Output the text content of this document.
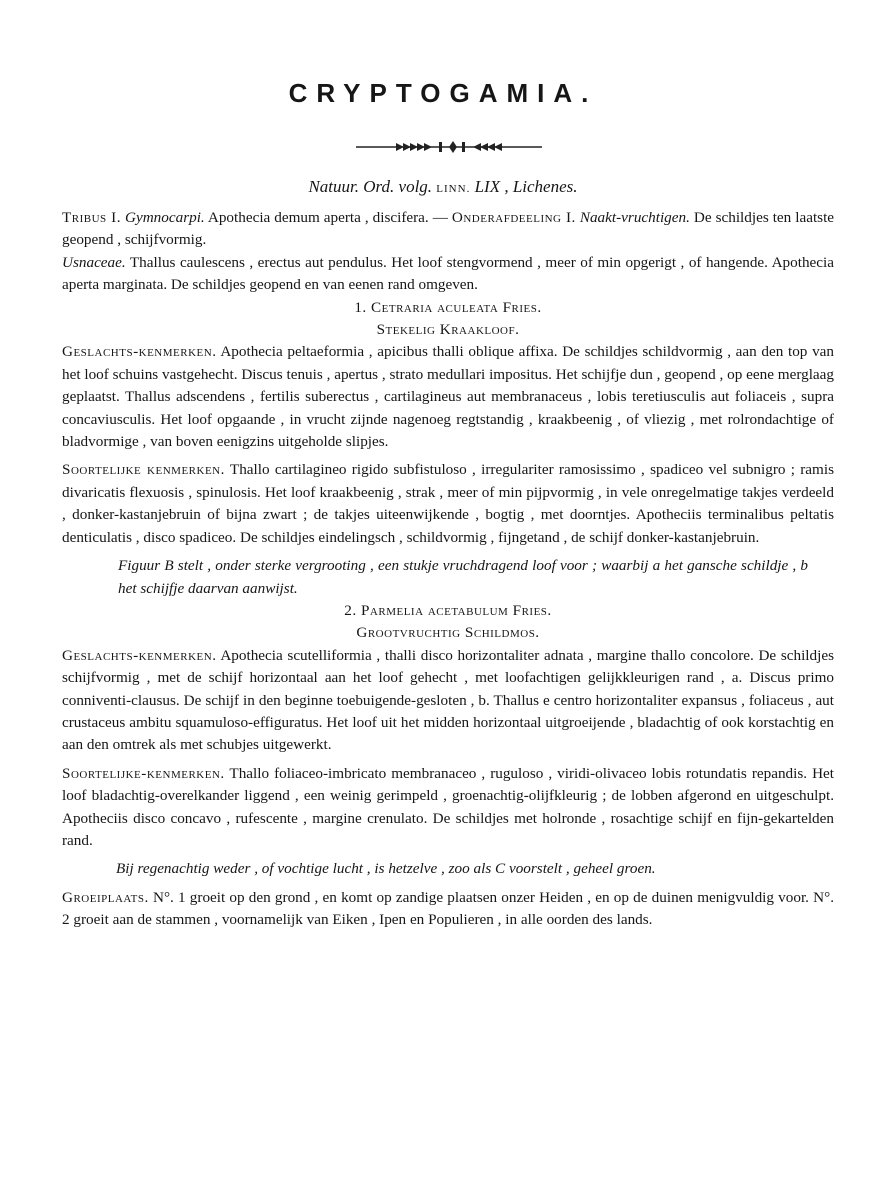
CRYPTOGAMIA.
Natuur. Ord. volg. LINN. LIX , Lichenes.

Tribus I. Gymnocarpi. Apothecia demum aperta , discifera. — Onderafdeeling I. Naakt-vruchtigen. De schildjes ten laatste geopend , schijfvormig.

Usnaceae. Thallus caulescens , erectus aut pendulus. Het loof stengvormend , meer of min opgerigt , of hangende. Apothecia aperta marginata. De schildjes geopend en van eenen rand omgeven.

1. Cetraria aculeata Fries.

Stekelig Kraakloof.

Geslachts-kenmerken. Apothecia peltaeformia , apicibus thalli oblique affixa. De schildjes schildvormig , aan den top van het loof schuins vastgehecht. Discus tenuis , apertus , strato medullari impositus. Het schijfje dun , geopend , op eene merglaag geplaatst. Thallus adscendens , fertilis suberectus , cartilagineus aut membranaceus , lobis teretiusculis aut foliaceis , supra concaviusculis. Het loof opgaande , in vrucht zijnde nagenoeg regtstandig , kraakbeenig , of vliezig , met rolrondachtige of bladvormige , van boven eenigzins uitgeholde slipjes.

Soortelijke kenmerken. Thallo cartilagineo rigido subfistuloso , irregulariter ramosissimo , spadiceo vel subnigro ; ramis divaricatis flexuosis , spinulosis. Het loof kraakbeenig , strak , meer of min pijpvormig , in vele onregelmatige takjes verdeeld , donker-kastanjebruin of bijna zwart ; de takjes uiteenwijkende , bogtig , met doorntjes. Apotheciis terminalibus peltatis denticulatis , disco spadiceo. De schildjes eindelingsch , schildvormig , fijngetand , de schijf donker-kastanjebruin.

Figuur B stelt , onder sterke vergrooting , een stukje vruchdragend loof voor ; waarbij a het gansche schildje , b het schijfje daarvan aanwijst.

2. Parmelia acetabulum Fries.

Grootvruchtig Schildmos.

Geslachts-kenmerken. Apothecia scutelliformia , thalli disco horizontaliter adnata , margine thallo concolore. De schildjes schijfvormig , met de schijf horizontaal aan het loof gehecht , met loofachtigen gelijkkleurigen rand , a. Discus primo conniventi-clausus. De schijf in den beginne toebuigende-gesloten , b. Thallus e centro horizontaliter expansus , foliaceus , aut crustaceus ambitu squamuloso-effiguratus. Het loof uit het midden horizontaal uitgroeijende , bladachtig of ook korstachtig en aan den omtrek als met schubjes uitgewerkt.

Soortelijke-kenmerken. Thallo foliaceo-imbricato membranaceo , ruguloso , viridi-olivaceo lobis rotundatis repandis. Het loof bladachtig-overelkander liggend , een weinig gerimpeld , groenachtig-olijfkleurig ; de lobben afgerond en uitgeschulpt. Apotheciis disco concavo , rufescente , margine crenulato. De schildjes met holronde , rosachtige schijf en fijn-gekartelden rand.

Bij regenachtig weder , of vochtige lucht , is hetzelve , zoo als C voorstelt , geheel groen.

Groeiplaats. N°. 1 groeit op den grond , en komt op zandige plaatsen onzer Heiden , en op de duinen menigvuldig voor. N°. 2 groeit aan de stammen , voornamelijk van Eiken , Ipen en Populieren , in alle oorden des lands.
